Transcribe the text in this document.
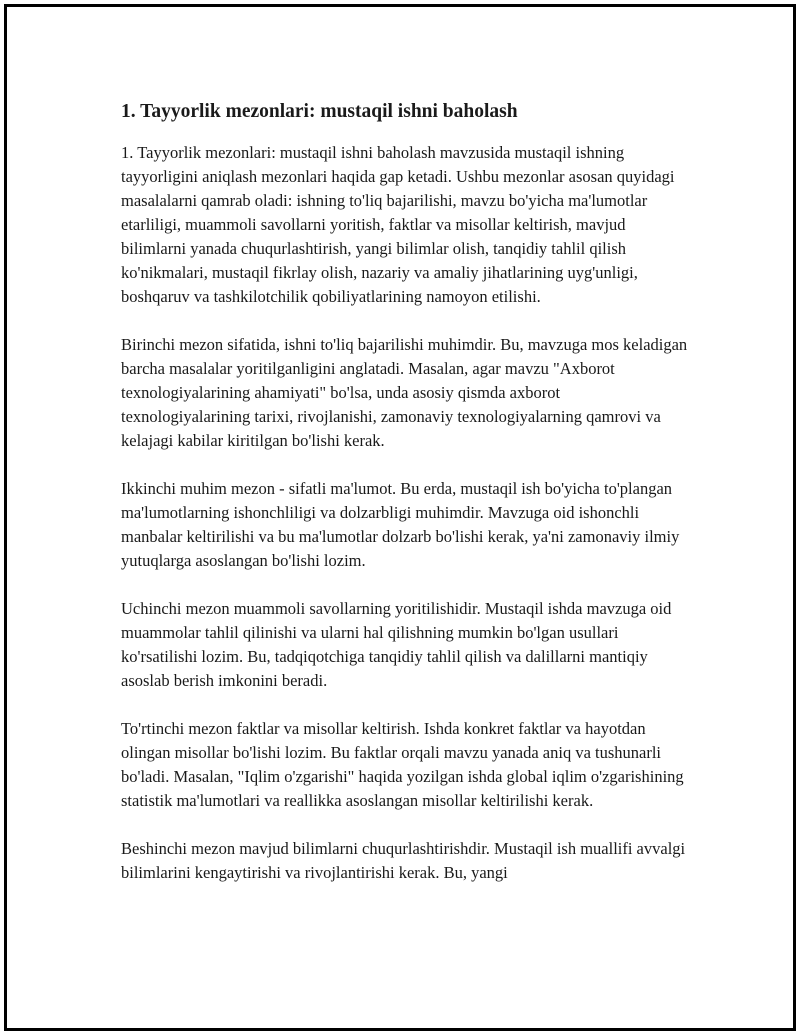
1. Tayyorlik mezonlari: mustaqil ishni baholash

1. Tayyorlik mezonlari: mustaqil ishni baholash mavzusida mustaqil ishning tayyorligini aniqlash mezonlari haqida gap ketadi. Ushbu mezonlar asosan quyidagi masalalarni qamrab oladi: ishning to'liq bajarilishi, mavzu bo'yicha ma'lumotlar etarliligi, muammoli savollarni yoritish, faktlar va misollar keltirish, mavjud bilimlarni yanada chuqurlashtirish, yangi bilimlar olish, tanqidiy tahlil qilish ko'nikmalari, mustaqil fikrlay olish, nazariy va amaliy jihatlarining uyg'unligi, boshqaruv va tashkilotchilik qobiliyatlarining namoyon etilishi.

Birinchi mezon sifatida, ishni to'liq bajarilishi muhimdir. Bu, mavzuga mos keladigan barcha masalalar yoritilganligini anglatadi. Masalan, agar mavzu "Axborot texnologiyalarining ahamiyati" bo'lsa, unda asosiy qismda axborot texnologiyalarining tarixi, rivojlanishi, zamonaviy texnologiyalarning qamrovi va kelajagi kabilar kiritilgan bo'lishi kerak.

Ikkinchi muhim mezon - sifatli ma'lumot. Bu erda, mustaqil ish bo'yicha to'plangan ma'lumotlarning ishonchliligi va dolzarbligi muhimdir. Mavzuga oid ishonchli manbalar keltirilishi va bu ma'lumotlar dolzarb bo'lishi kerak, ya'ni zamonaviy ilmiy yutuqlarga asoslangan bo'lishi lozim.

Uchinchi mezon muammoli savollarning yoritilishidir. Mustaqil ishda mavzuga oid muammolar tahlil qilinishi va ularni hal qilishning mumkin bo'lgan usullari ko'rsatilishi lozim. Bu, tadqiqotchiga tanqidiy tahlil qilish va dalillarni mantiqiy asoslab berish imkonini beradi.

To'rtinchi mezon faktlar va misollar keltirish. Ishda konkret faktlar va hayotdan olingan misollar bo'lishi lozim. Bu faktlar orqali mavzu yanada aniq va tushunarli bo'ladi. Masalan, "Iqlim o'zgarishi" haqida yozilgan ishda global iqlim o'zgarishining statistik ma'lumotlari va reallikka asoslangan misollar keltirilishi kerak.

Beshinchi mezon mavjud bilimlarni chuqurlashtirishdir. Mustaqil ish muallifi avvalgi bilimlarini kengaytirishi va rivojlantirishi kerak. Bu, yangi
